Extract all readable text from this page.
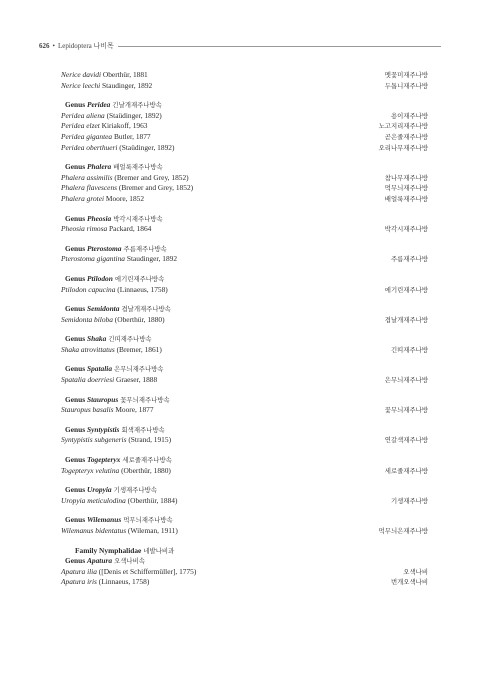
626 • Lepidoptera 나비목
Nerice davidi Oberthür, 1881	멧꽃미재주나방
Nerice leechi Staudinger, 1892	두톱니재주나방
Genus Peridea 긴날개재주나방속
Peridea aliena (Staüdinger, 1892)	용이재주나방
Peridea elzet Kiriakoff, 1963	노고지리재주나방
Peridea gigantea Butler, 1877	곧은줄재주나방
Peridea oberthueri (Staüdinger, 1892)	오리나무재주나방
Genus Phalera 배얼룩재주나방속
Phalera assimilis (Bremer and Grey, 1852)	참나무재주나방
Phalera flavescens (Bremer and Grey, 1852)	먹무늬재주나방
Phalera grotei Moore, 1852	배얼룩재주나방
Genus Pheosia 박각시재주나방속
Pheosia rimosa Packard, 1864	박각시재주나방
Genus Pterostoma 주름재주나방속
Pterostoma gigantina Staudinger, 1892	주름재주나방
Genus Ptilodon 에기린재주나방속
Ptilodon capucina (Linnaeus, 1758)	에기린재주나방
Genus Semidonta 겹날개재주나방속
Semidonta biloba (Oberthür, 1880)	겹날개재주나방
Genus Shaka 긴띠재주나방속
Shaka atrovittatus (Bremer, 1861)	긴띠재주나방
Genus Spatalia 은무늬재주나방속
Spatalia doerriesi Graeser, 1888	은무늬재주나방
Genus Stauropus 꽃무늬재주나방속
Stauropus basalis Moore, 1877	꽃무늬재주나방
Genus Syntypistis 회색재주나방속
Syntypistis subgeneris (Strand, 1915)	연갈색재주나방
Genus Togepteryx 세로줄재주나방속
Togepteryx velutina (Oberthür, 1880)	세로줄재주나방
Genus Uropyia 기생재주나방속
Uropyia meticulodina (Oberthür, 1884)	기생재주나방
Genus Wilemanus 먹무늬재주나방속
Wilemanus bidentatus (Wileman, 1911)	먹무늬은재주나방
Family Nymphalidae 네발나비과
Genus Apatura 오색나비속
Apatura ilia ([Denis et Schiffermüller], 1775)	오색나비
Apatura iris (Linnaeus, 1758)	번개오색나비
